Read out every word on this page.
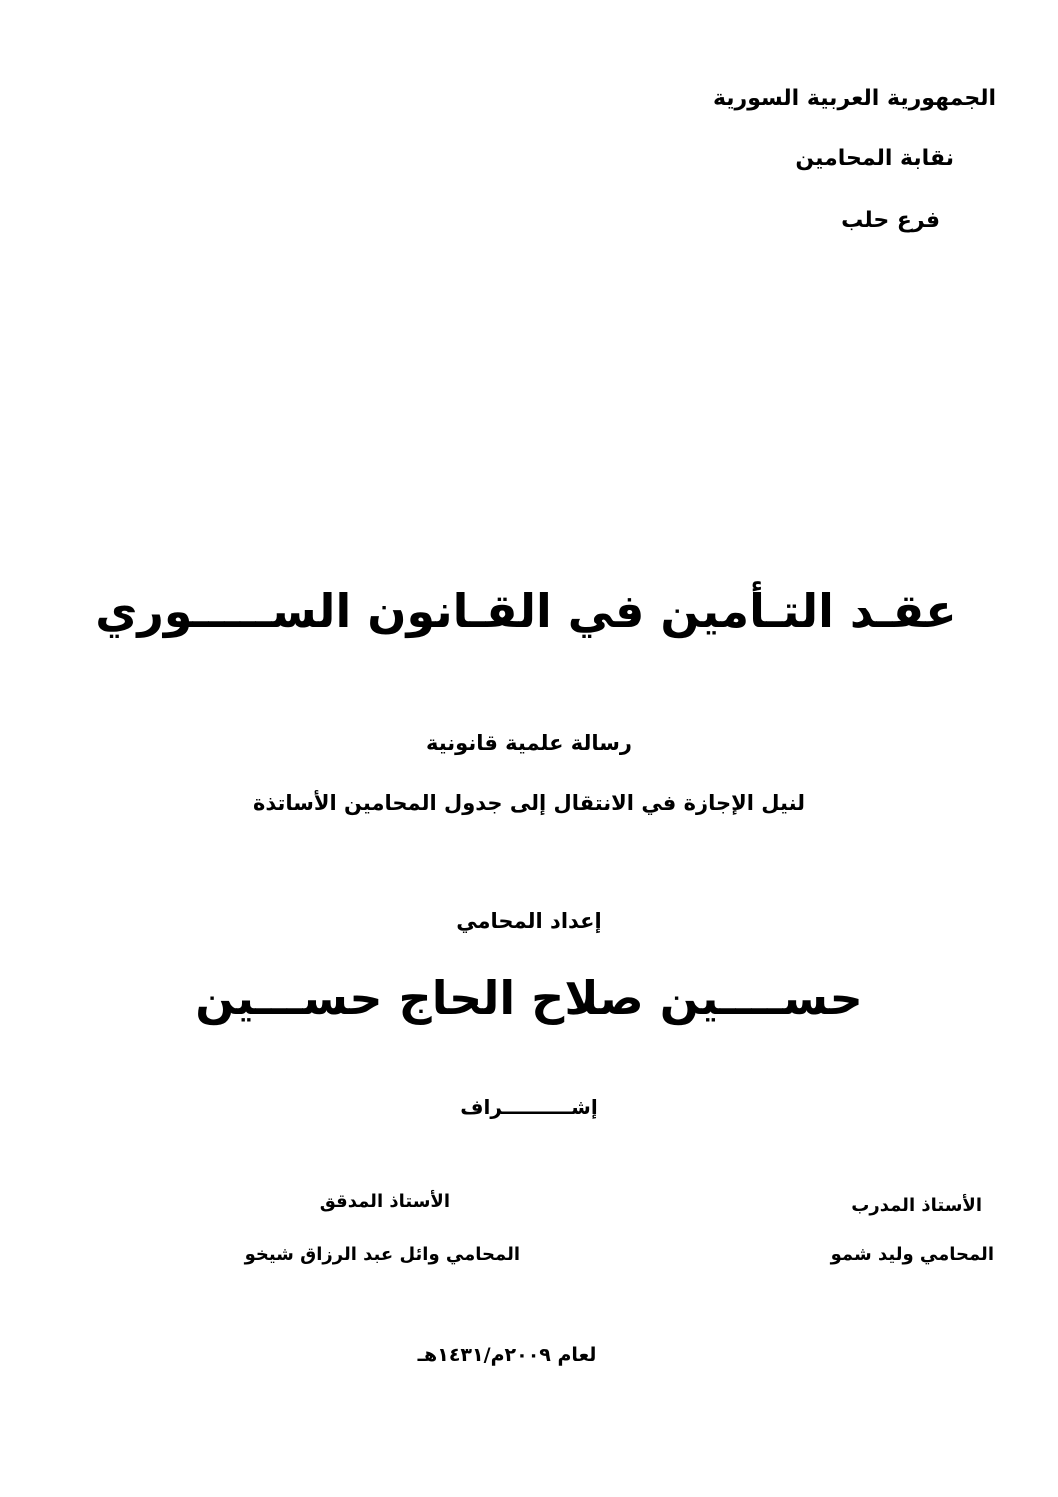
الجمهورية العربية السورية
نقابة المحامين
فرع حلب
عقـد التـأمين في القـانون الســـــوري
رسالة علمية قانونية
لنيل الإجازة في الانتقال إلى جدول المحامين الأساتذة
إعداد المحامي
حســــين صلاح الحاج حســـين
إشــــــــــراف
الأستاذ المدرب
المحامي وليد شمو
الأستاذ المدقق
المحامي وائل عبد الرزاق شيخو
لعام ٢٠٠٩م/١٤٣١هـ
